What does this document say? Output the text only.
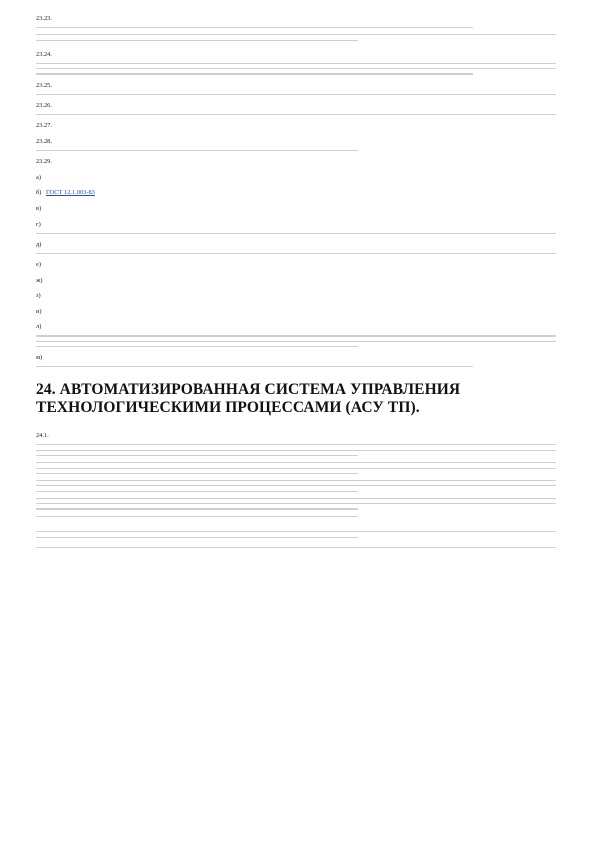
23.23.

23.24.

23.25.

23.26.

23.27.

23.28.

23.29.

а)

б) ГОСТ 12.1.003-83

в)

г)

д)

е)

ж)

з)

и)

л)

м)

24. АВТОМАТИЗИРОВАННАЯ СИСТЕМА УПРАВЛЕНИЯ
ТЕХНОЛОГИЧЕСКИМИ ПРОЦЕССАМИ (АСУ ТП).

24.1.
